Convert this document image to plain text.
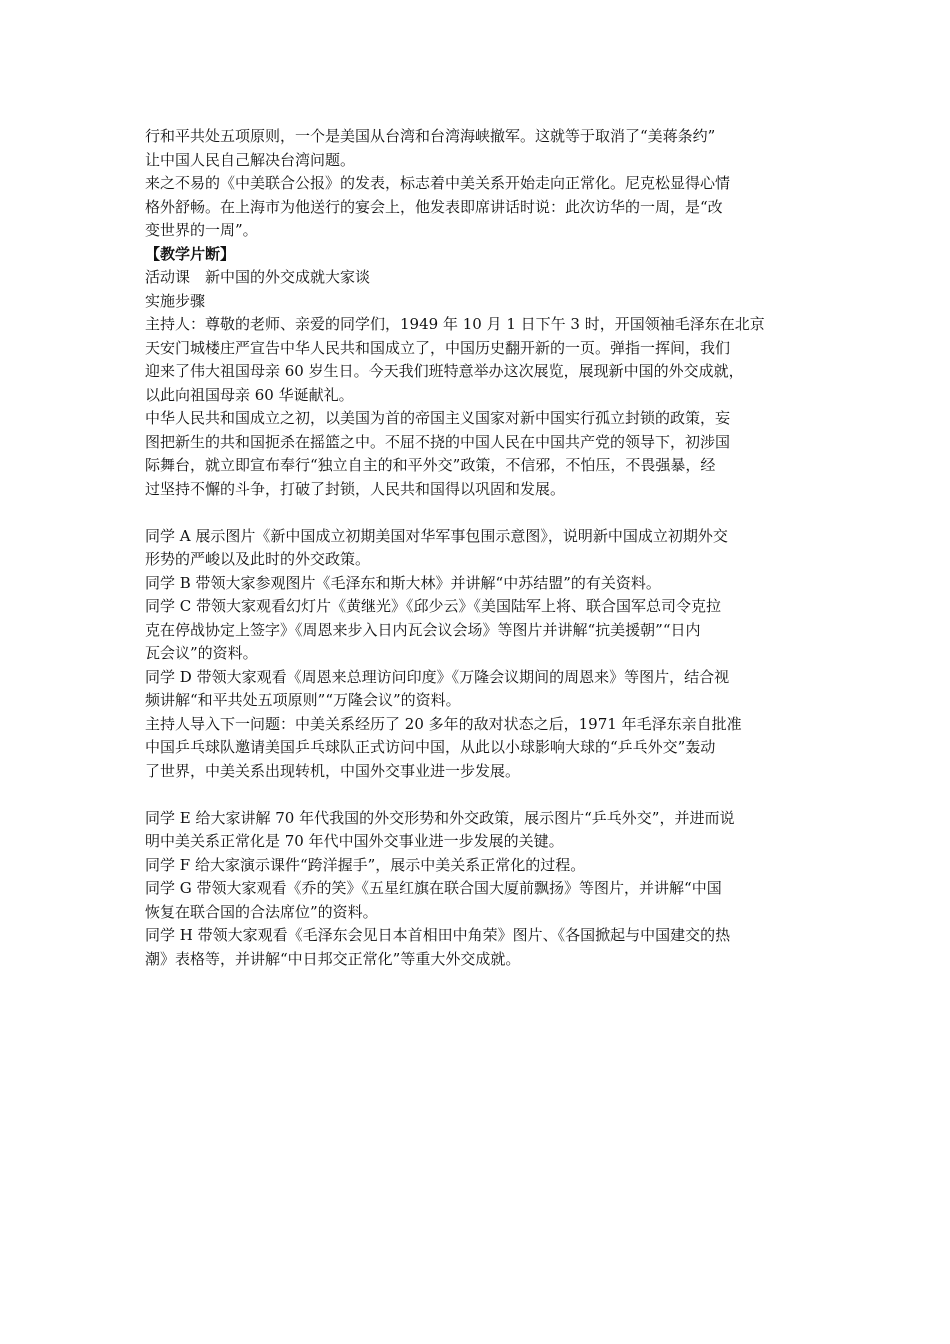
行和平共处五项原则，一个是美国从台湾和台湾海峡撤军。这就等于取消了“美蒋条约”
让中国人民自己解决台湾问题。
来之不易的《中美联合公报》的发表，标志着中美关系开始走向正常化。尼克松显得心情
格外舒畅。在上海市为他送行的宴会上，他发表即席讲话时说：此次访华的一周，是“改
变世界的一周”。
【教学片断】
活动课　新中国的外交成就大家谈
实施步骤
主持人：尊敬的老师、亲爱的同学们，1949 年 10 月 1 日下午 3 时，开国领袖毛泽东在北京
天安门城楼庄严宣告中华人民共和国成立了，中国历史翻开新的一页。弹指一挥间，我们
迎来了伟大祖国母亲 60 岁生日。今天我们班特意举办这次展览，展现新中国的外交成就，
以此向祖国母亲 60 华诞献礼。
中华人民共和国成立之初，以美国为首的帝国主义国家对新中国实行孤立封锁的政策，妄
图把新生的共和国扼杀在摇篮之中。不屈不挠的中国人民在中国共产党的领导下，初涉国
际舞台，就立即宣布奉行“独立自主的和平外交”政策，不信邪，不怕压，不畏强暴，经
过坚持不懈的斗争，打破了封锁，人民共和国得以巩固和发展。
同学 A 展示图片《新中国成立初期美国对华军事包围示意图》，说明新中国成立初期外交
形势的严峻以及此时的外交政策。
同学 B 带领大家参观图片《毛泽东和斯大林》并讲解“中苏结盟”的有关资料。
同学 C 带领大家观看幻灯片《黄继光》《邱少云》《美国陆军上将、联合国军总司令克拉
克在停战协定上签字》《周恩来步入日内瓦会议会场》等图片并讲解“抗美援朝”“日内
瓦会议”的资料。
同学 D 带领大家观看《周恩来总理访问印度》《万隆会议期间的周恩来》等图片，结合视
频讲解“和平共处五项原则”“万隆会议”的资料。
主持人导入下一问题：中美关系经历了 20 多年的敌对状态之后，1971 年毛泽东亲自批准
中国乒乓球队邀请美国乒乓球队正式访问中国，从此以小球影响大球的“乒乓外交”轰动
了世界，中美关系出现转机，中国外交事业进一步发展。
同学 E 给大家讲解 70 年代我国的外交形势和外交政策，展示图片“乒乓外交”，并进而说
明中美关系正常化是 70 年代中国外交事业进一步发展的关键。
同学 F 给大家演示课件“跨洋握手”，展示中美关系正常化的过程。
同学 G 带领大家观看《乔的笑》《五星红旗在联合国大厦前飘扬》等图片，并讲解“中国
恢复在联合国的合法席位”的资料。
同学 H 带领大家观看《毛泽东会见日本首相田中角荣》图片、《各国掀起与中国建交的热
潮》表格等，并讲解“中日邦交正常化”等重大外交成就。
